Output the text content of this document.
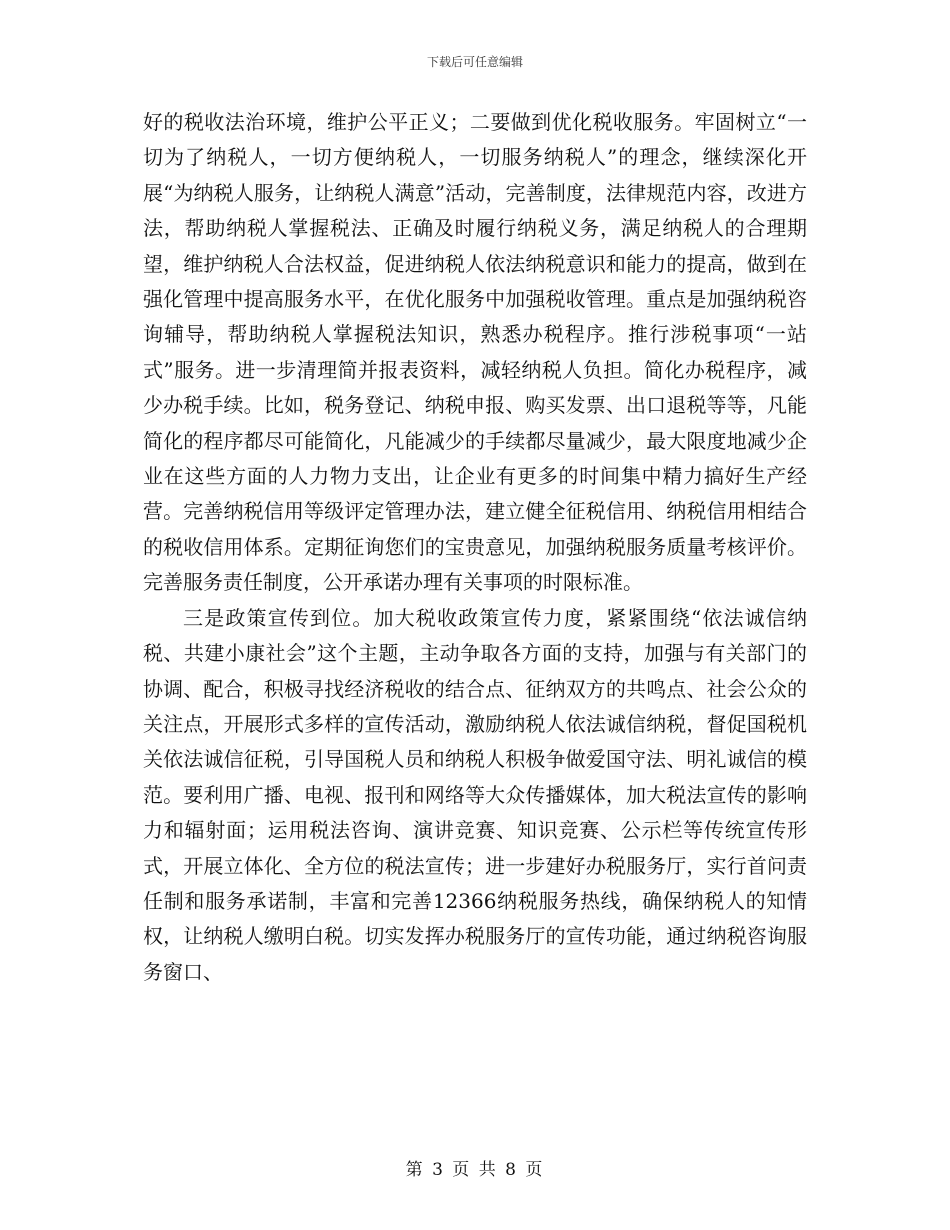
下载后可任意编辑

好的税收法治环境，维护公平正义；二要做到优化税收服务。牢固树立“一切为了纳税人，一切方便纳税人，一切服务纳税人”的理念，继续深化开展“为纳税人服务，让纳税人满意”活动，完善制度，法律规范内容，改进方法，帮助纳税人掌握税法、正确及时履行纳税义务，满足纳税人的合理期望，维护纳税人合法权益，促进纳税人依法纳税意识和能力的提高，做到在强化管理中提高服务水平，在优化服务中加强税收管理。重点是加强纳税咨询辅导，帮助纳税人掌握税法知识，熟悉办税程序。推行涉税事项“一站式”服务。进一步清理简并报表资料，减轻纳税人负担。简化办税程序，减少办税手续。比如，税务登记、纳税申报、购买发票、出口退税等等，凡能简化的程序都尽可能简化，凡能减少的手续都尽量减少，最大限度地减少企业在这些方面的人力物力支出，让企业有更多的时间集中精力搞好生产经营。完善纳税信用等级评定管理办法，建立健全征税信用、纳税信用相结合的税收信用体系。定期征询您们的宝贵意见，加强纳税服务质量考核评价。完善服务责任制度，公开承诺办理有关事项的时限标准。

三是政策宣传到位。加大税收政策宣传力度，紧紧围绕“依法诚信纳税、共建小康社会”这个主题，主动争取各方面的支持，加强与有关部门的协调、配合，积极寻找经济税收的结合点、征纳双方的共鸣点、社会公众的关注点，开展形式多样的宣传活动，激励纳税人依法诚信纳税，督促国税机关依法诚信征税，引导国税人员和纳税人积极争做爱国守法、明礼诚信的模范。要利用广播、电视、报刊和网络等大众传播媒体，加大税法宣传的影响力和辐射面；运用税法咨询、演讲竞赛、知识竞赛、公示栏等传统宣传形式，开展立体化、全方位的税法宣传；进一步建好办税服务厅，实行首问责任制和服务承诺制，丰富和完善12366纳税服务热线，确保纳税人的知情权，让纳税人缴明白税。切实发挥办税服务厅的宣传功能，通过纳税咨询服务窗口、

第 3 页 共 8 页
